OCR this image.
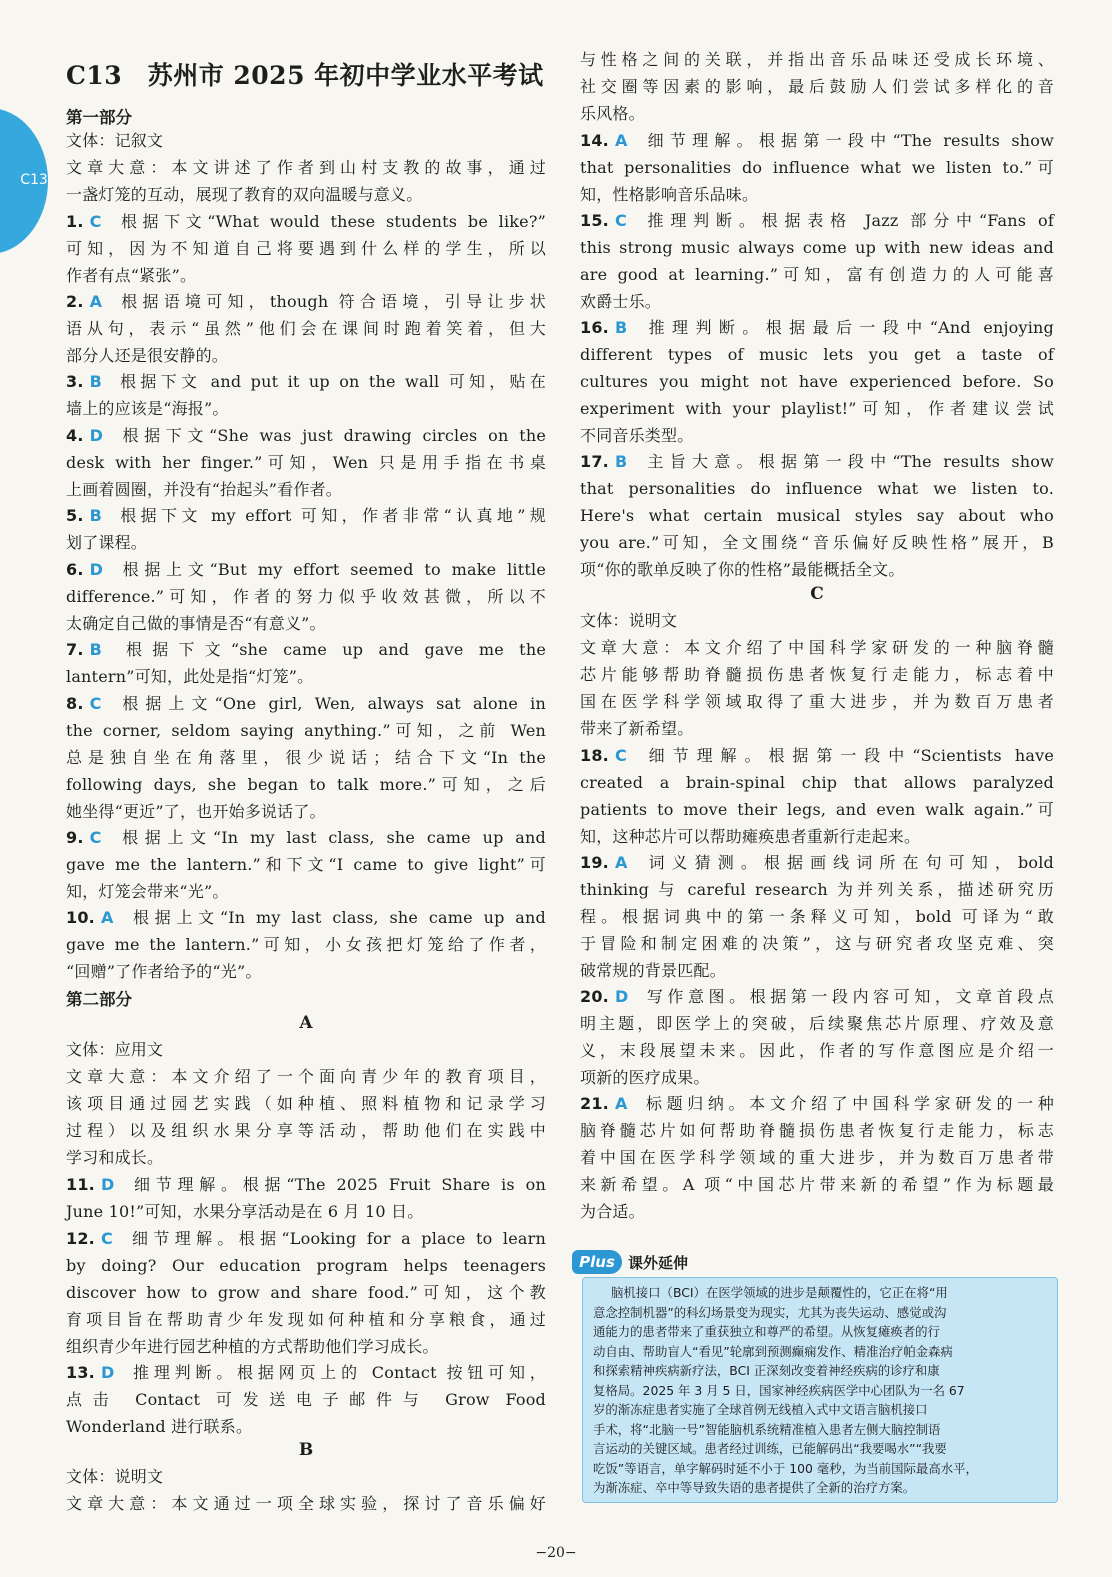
C13
C13　苏州市 2025 年初中学业水平考试
第一部分
文体：记叙文
文章大意：本文讲述了作者到山村支教的故事，通过
一盏灯笼的互动，展现了教育的双向温暖与意义。
1. C 根据下文“What would these students be like?”
可知，因为不知道自己将要遇到什么样的学生，所以
作者有点“紧张”。
2. A 根据语境可知，though 符合语境，引导让步状
语从句，表示“虽然”他们会在课间时跑着笑着，但大
部分人还是很安静的。
3. B 根据下文 and put it up on the wall 可知，贴在
墙上的应该是“海报”。
4. D 根据下文“She was just drawing circles on the
desk with her finger.”可知，Wen 只是用手指在书桌
上画着圆圈，并没有“抬起头”看作者。
5. B 根据下文 my effort 可知，作者非常“认真地”规
划了课程。
6. D 根据上文“But my effort seemed to make little
difference.”可知，作者的努力似乎收效甚微，所以不
太确定自己做的事情是否“有意义”。
7. B 根据下文“she came up and gave me the
lantern”可知，此处是指“灯笼”。
8. C 根据上文“One girl, Wen, always sat alone in
the corner, seldom saying anything.”可知，之前 Wen
总是独自坐在角落里，很少说话；结合下文“In the
following days, she began to talk more.”可知，之后
她坐得“更近”了，也开始多说话了。
9. C 根据上文“In my last class, she came up and
gave me the lantern.”和下文“I came to give light”可
知，灯笼会带来“光”。
10. A 根据上文“In my last class, she came up and
gave me the lantern.”可知，小女孩把灯笼给了作者，
“回赠”了作者给予的“光”。
11. D 细节理解。根据“The 2025 Fruit Share is on
June 10!”可知，水果分享活动是在 6 月 10 日。
12. C 细节理解。根据“Looking for a place to learn
by doing? Our education program helps teenagers
discover how to grow and share food.”可知，这个教
育项目旨在帮助青少年发现如何种植和分享粮食，通过
组织青少年进行园艺种植的方式帮助他们学习成长。
13. D 推理判断。根据网页上的 Contact 按钮可知，
点击 Contact 可发送电子邮件与 Grow Food
Wonderland 进行联系。
第二部分
A
文体：应用文
文章大意：本文介绍了一个面向青少年的教育项目，
该项目通过园艺实践（如种植、照料植物和记录学习
过程）以及组织水果分享等活动，帮助他们在实践中
学习和成长。
B
文体：说明文
文章大意：本文通过一项全球实验，探讨了音乐偏好
与性格之间的关联，并指出音乐品味还受成长环境、
社交圈等因素的影响，最后鼓励人们尝试多样化的音
乐风格。
14. A 细节理解。根据第一段中“The results show
that personalities do influence what we listen to.”可
知，性格影响音乐品味。
15. C 推理判断。根据表格 Jazz 部分中“Fans of
this strong music always come up with new ideas and
are good at learning.”可知，富有创造力的人可能喜
欢爵士乐。
16. B 推理判断。根据最后一段中“And enjoying
different types of music lets you get a taste of
cultures you might not have experienced before. So
experiment with your playlist!”可知，作者建议尝试
不同音乐类型。
17. B 主旨大意。根据第一段中“The results show
that personalities do influence what we listen to.
Here's what certain musical styles say about who
you are.”可知，全文围绕“音乐偏好反映性格”展开，B
项“你的歌单反映了你的性格”最能概括全文。
18. C 细节理解。根据第一段中“Scientists have
created a brain-spinal chip that allows paralyzed
patients to move their legs, and even walk again.”可
知，这种芯片可以帮助瘫痪患者重新行走起来。
19. A 词义猜测。根据画线词所在句可知，bold
thinking 与 careful research 为并列关系，描述研究历
程。根据词典中的第一条释义可知，bold 可译为“敢
于冒险和制定困难的决策”，这与研究者攻坚克难、突
破常规的背景匹配。
20. D 写作意图。根据第一段内容可知，文章首段点
明主题，即医学上的突破，后续聚焦芯片原理、疗效及意
义，末段展望未来。因此，作者的写作意图应是介绍一
项新的医疗成果。
21. A 标题归纳。本文介绍了中国科学家研发的一种
脑脊髓芯片如何帮助脊髓损伤患者恢复行走能力，标志
着中国在医学科学领域的重大进步，并为数百万患者带
来新希望。A 项“中国芯片带来新的希望”作为标题最
为合适。
C
文体：说明文
文章大意：本文介绍了中国科学家研发的一种脑脊髓
芯片能够帮助脊髓损伤患者恢复行走能力，标志着中
国在医学科学领域取得了重大进步，并为数百万患者
带来了新希望。
Plus 课外延伸
脑机接口（BCI）在医学领域的进步是颠覆性的，它正在将“用
意念控制机器”的科幻场景变为现实，尤其为丧失运动、感觉或沟
通能力的患者带来了重获独立和尊严的希望。从恢复瘫痪者的行
动自由、帮助盲人“看见”轮廓到预测癫痫发作、精准治疗帕金森病
和探索精神疾病新疗法，BCI 正深刻改变着神经疾病的诊疗和康
复格局。2025 年 3 月 5 日，国家神经疾病医学中心团队为一名 67
岁的渐冻症患者实施了全球首例无线植入式中文语言脑机接口
手术，将“北脑一号”智能脑机系统精准植入患者左侧大脑控制语
言运动的关键区域。患者经过训练，已能解码出“我要喝水”“我要
吃饭”等语言，单字解码时延不小于 100 毫秒，为当前国际最高水平，
为渐冻症、卒中等导致失语的患者提供了全新的治疗方案。
−20−
